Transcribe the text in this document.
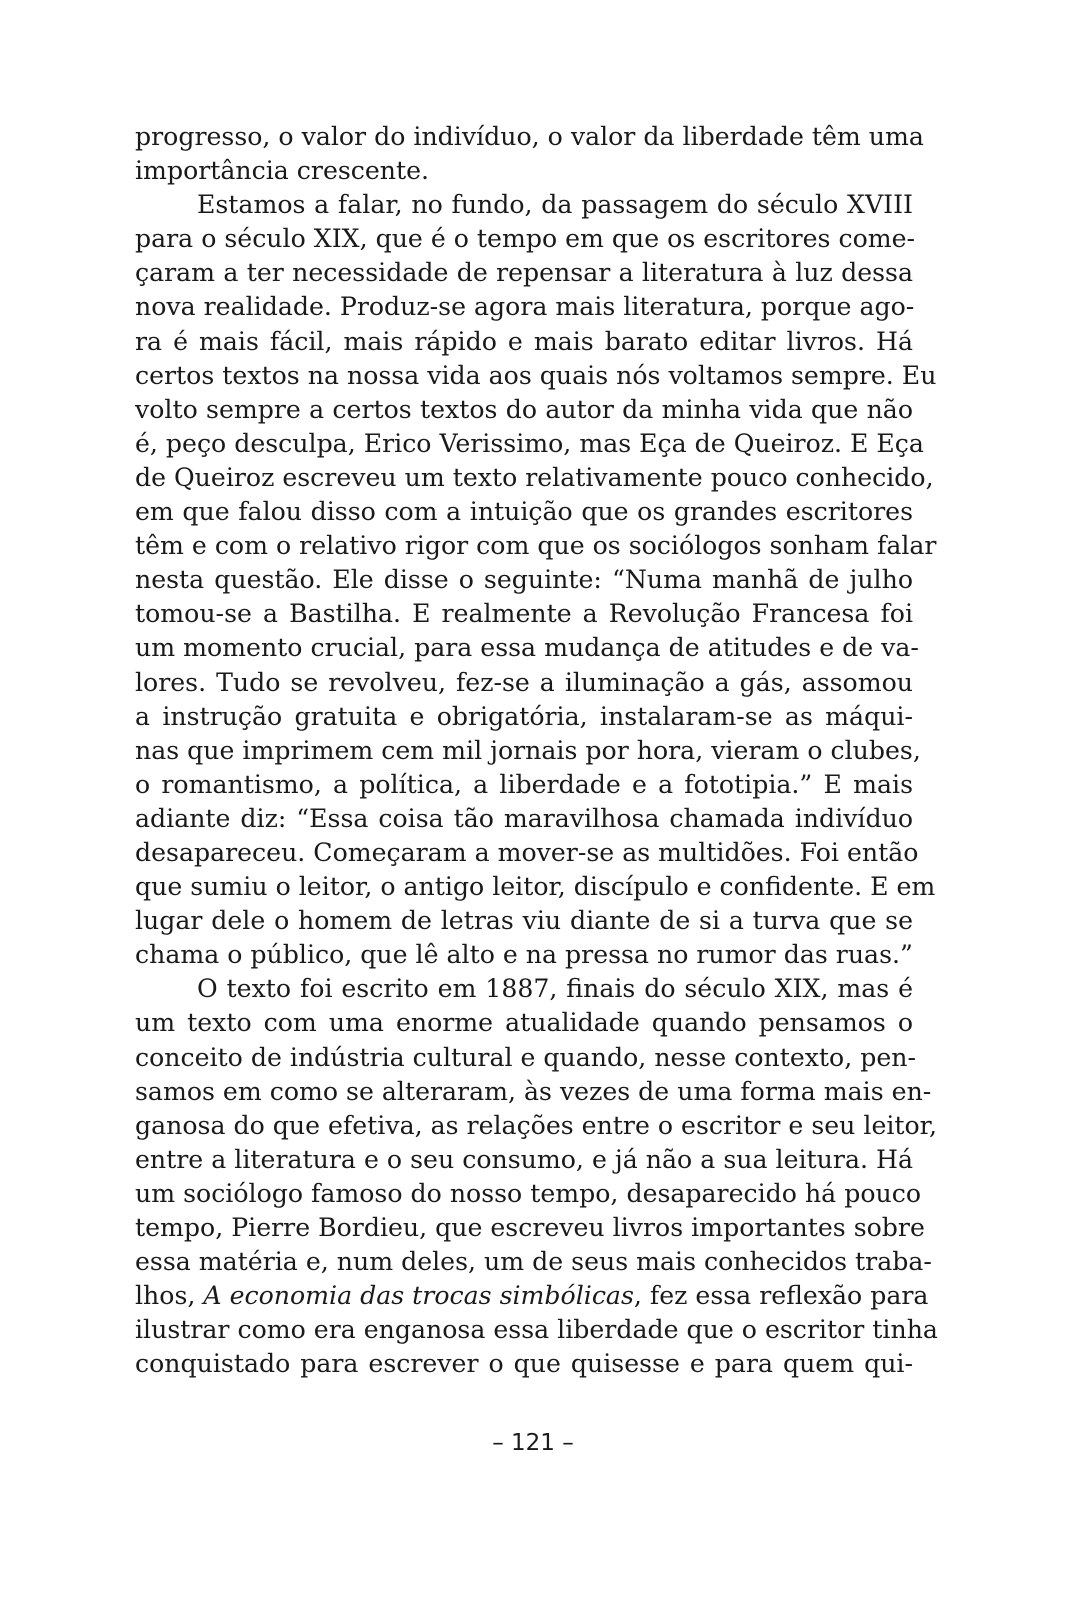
progresso, o valor do indivíduo, o valor da liberdade têm uma
importância crescente.
Estamos a falar, no fundo, da passagem do século XVIII
para o século XIX, que é o tempo em que os escritores come-
çaram a ter necessidade de repensar a literatura à luz dessa
nova realidade. Produz-se agora mais literatura, porque ago-
ra é mais fácil, mais rápido e mais barato editar livros. Há
certos textos na nossa vida aos quais nós voltamos sempre. Eu
volto sempre a certos textos do autor da minha vida que não
é, peço desculpa, Erico Verissimo, mas Eça de Queiroz. E Eça
de Queiroz escreveu um texto relativamente pouco conhecido,
em que falou disso com a intuição que os grandes escritores
têm e com o relativo rigor com que os sociólogos sonham falar
nesta questão. Ele disse o seguinte: “Numa manhã de julho
tomou-se a Bastilha. E realmente a Revolução Francesa foi
um momento crucial, para essa mudança de atitudes e de va-
lores. Tudo se revolveu, fez-se a iluminação a gás, assomou
a instrução gratuita e obrigatória, instalaram-se as máqui-
nas que imprimem cem mil jornais por hora, vieram o clubes,
o romantismo, a política, a liberdade e a fototipia.” E mais
adiante diz: “Essa coisa tão maravilhosa chamada indivíduo
desapareceu. Começaram a mover-se as multidões. Foi então
que sumiu o leitor, o antigo leitor, discípulo e confidente. E em
lugar dele o homem de letras viu diante de si a turva que se
chama o público, que lê alto e na pressa no rumor das ruas.”
O texto foi escrito em 1887, finais do século XIX, mas é
um texto com uma enorme atualidade quando pensamos o
conceito de indústria cultural e quando, nesse contexto, pen-
samos em como se alteraram, às vezes de uma forma mais en-
ganosa do que efetiva, as relações entre o escritor e seu leitor,
entre a literatura e o seu consumo, e já não a sua leitura. Há
um sociólogo famoso do nosso tempo, desaparecido há pouco
tempo, Pierre Bordieu, que escreveu livros importantes sobre
essa matéria e, num deles, um de seus mais conhecidos traba-
lhos, A economia das trocas simbólicas, fez essa reflexão para
ilustrar como era enganosa essa liberdade que o escritor tinha
conquistado para escrever o que quisesse e para quem qui-
– 121 –
